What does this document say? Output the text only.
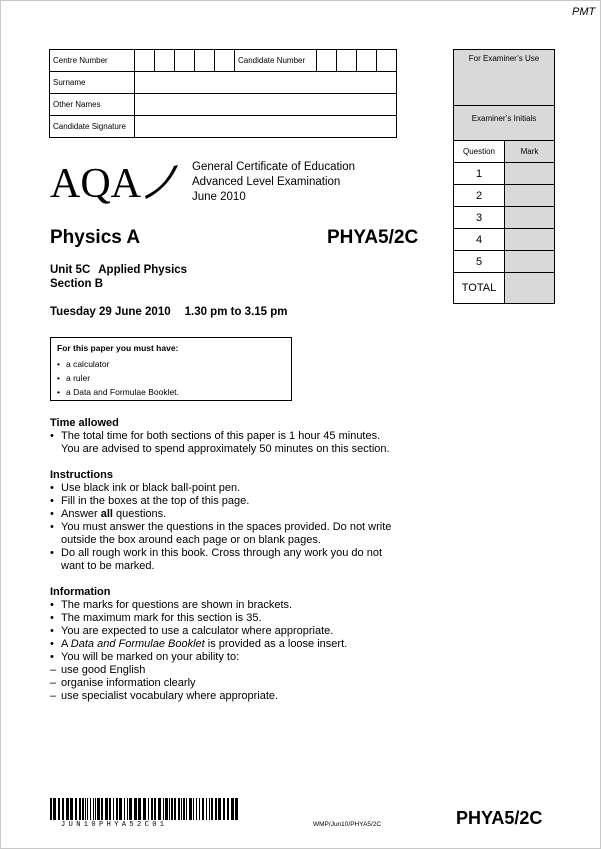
PMT
Centre Number						Candidate Number				
Surname										
Other Names										
Candidate Signature										
For Examiner’s Use
Examiner’s Initials
Question	Mark
1
2
3
4
5
TOTAL
AQA	General Certificate of Education
Advanced Level Examination
June 2010
Physics A	PHYA5/2C
Unit 5C Applied Physics
Section B
Tuesday 29 June 2010 1.30 pm to 3.15 pm
For this paper you must have:
• a calculator
• a ruler
• a Data and Formulae Booklet.
Time allowed
• The total time for both sections of this paper is 1 hour 45 minutes.
You are advised to spend approximately 50 minutes on this section.
Instructions
• Use black ink or black ball-point pen.
• Fill in the boxes at the top of this page.
• Answer all questions.
• You must answer the questions in the spaces provided. Do not write outside the box around each page or on blank pages.
• Do all rough work in this book. Cross through any work you do not want to be marked.
Information
• The marks for questions are shown in brackets.
• The maximum mark for this section is 35.
• You are expected to use a calculator where appropriate.
• A Data and Formulae Booklet is provided as a loose insert.
• You will be marked on your ability to:
– use good English
– organise information clearly
– use specialist vocabulary where appropriate.
JUN10PHYA52C01	WMP/Jun10/PHYA5/2C	PHYA5/2C
